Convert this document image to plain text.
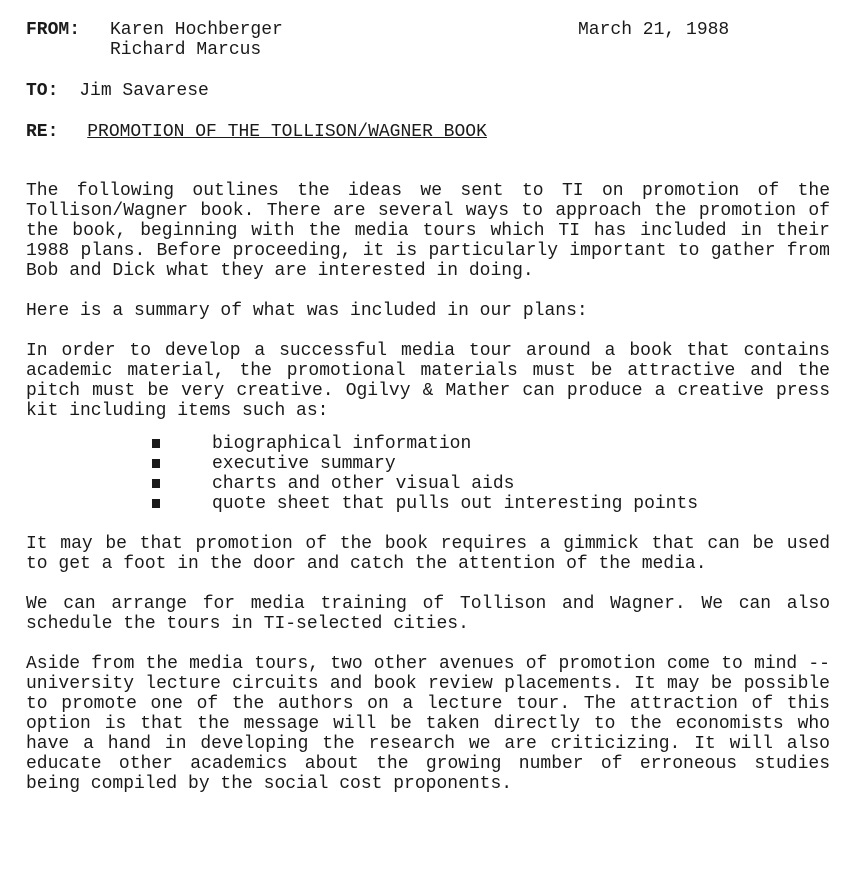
FROM: Karen Hochberger
Richard Marcus
March 21, 1988
TO: Jim Savarese
RE: PROMOTION OF THE TOLLISON/WAGNER BOOK

The following outlines the ideas we sent to TI on promotion of the Tollison/Wagner book. There are several ways to approach the promotion of the book, beginning with the media tours which TI has included in their 1988 plans. Before proceeding, it is particularly important to gather from Bob and Dick what they are interested in doing.

Here is a summary of what was included in our plans:

In order to develop a successful media tour around a book that contains academic material, the promotional materials must be attractive and the pitch must be very creative. Ogilvy & Mather can produce a creative press kit including items such as:

biographical information
executive summary
charts and other visual aids
quote sheet that pulls out interesting points

It may be that promotion of the book requires a gimmick that can be used to get a foot in the door and catch the attention of the media.

We can arrange for media training of Tollison and Wagner. We can also schedule the tours in TI-selected cities.

Aside from the media tours, two other avenues of promotion come to mind -- university lecture circuits and book review placements. It may be possible to promote one of the authors on a lecture tour. The attraction of this option is that the message will be taken directly to the economists who have a hand in developing the research we are criticizing. It will also educate other academics about the growing number of erroneous studies being compiled by the social cost proponents.
